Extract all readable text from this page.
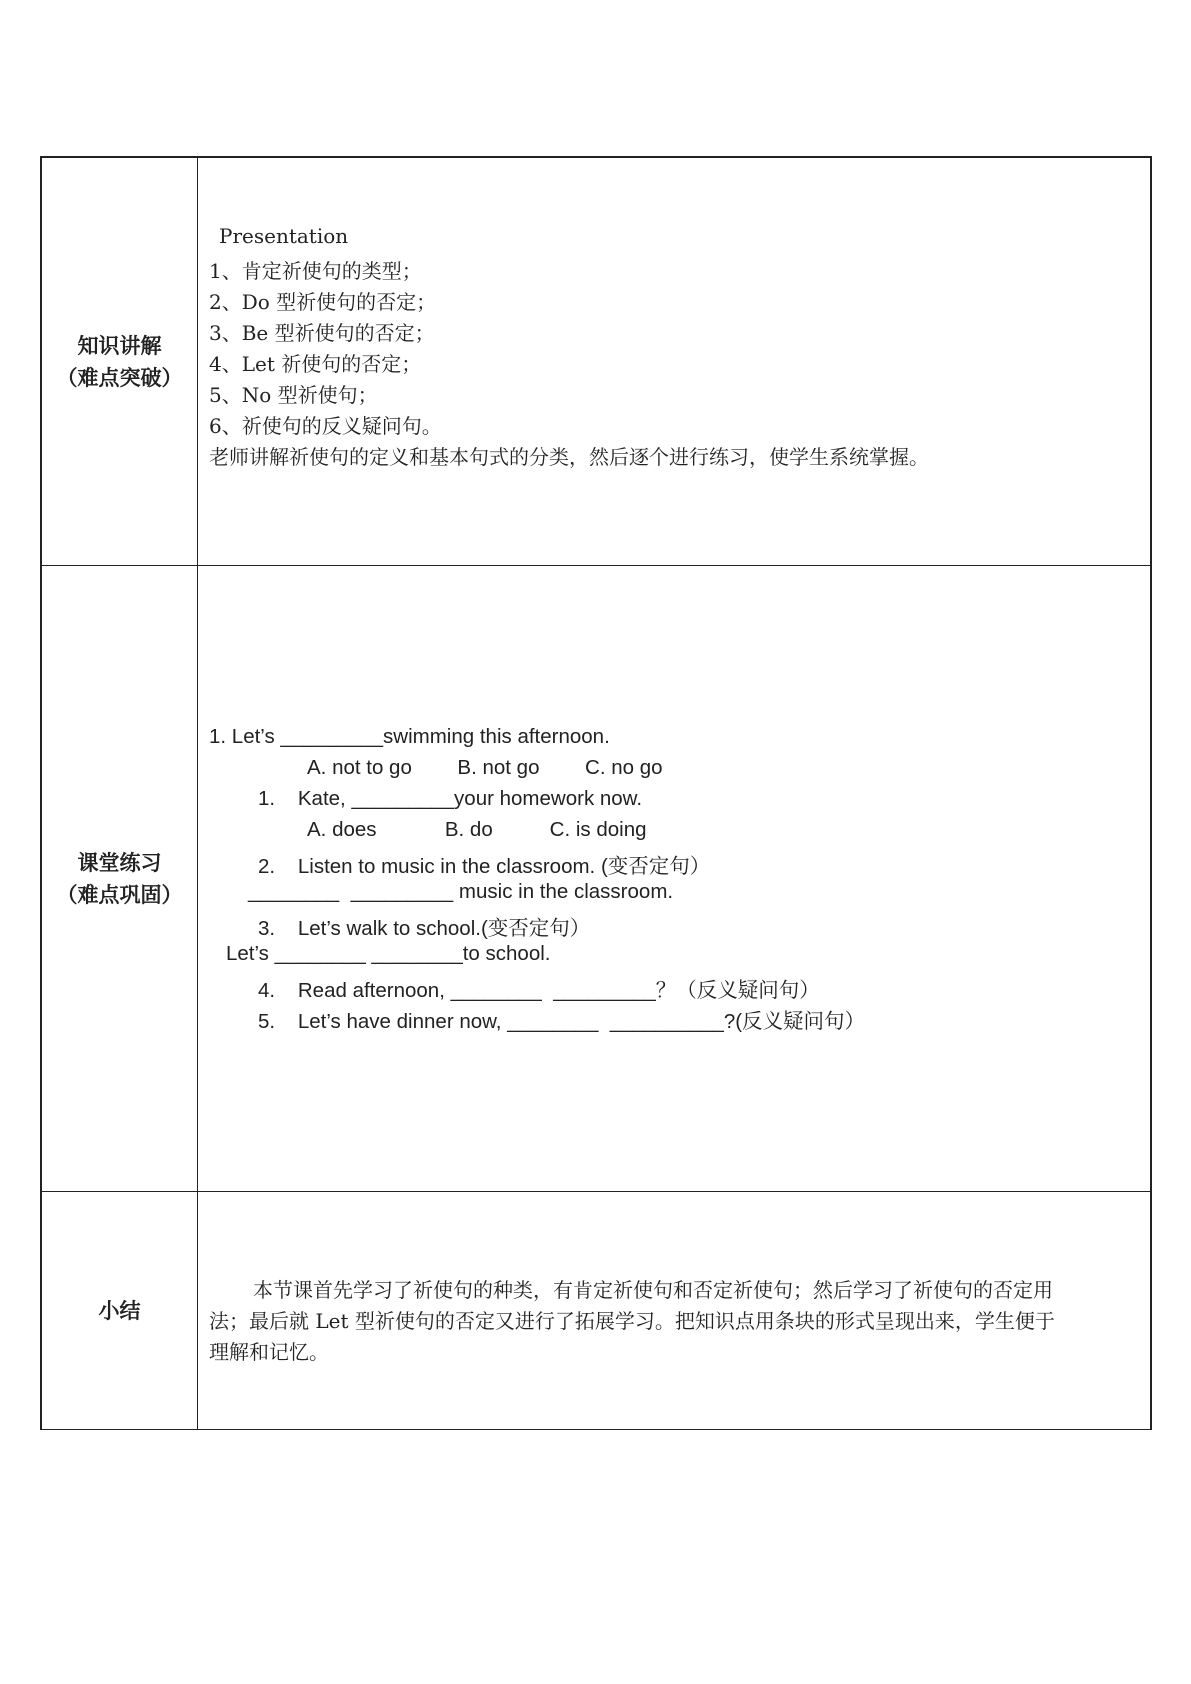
知识讲解
（难点突破）
Presentation
1、肯定祈使句的类型；
2、Do 型祈使句的否定；
3、Be 型祈使句的否定；
4、Let 祈使句的否定；
5、No 型祈使句；
6、祈使句的反义疑问句。
老师讲解祈使句的定义和基本句式的分类，然后逐个进行练习，使学生系统掌握。
课堂练习
（难点巩固）
1. Let’s _________swimming this afternoon.
A. not to go        B. not go        C. no go
1.    Kate, _________your homework now.
A. does            B. do          C. is doing
2.    Listen to music in the classroom. (变否定句）
________  _________ music in the classroom.
3.    Let’s walk to school.(变否定句）
Let’s ________ ________to school.
4.    Read afternoon, ________  _________？（反义疑问句）
5.    Let’s have dinner now, ________  __________?(反义疑问句）
小结
本节课首先学习了祈使句的种类，有肯定祈使句和否定祈使句；然后学习了祈使句的否定用
法；最后就 Let 型祈使句的否定又进行了拓展学习。把知识点用条块的形式呈现出来，学生便于
理解和记忆。
